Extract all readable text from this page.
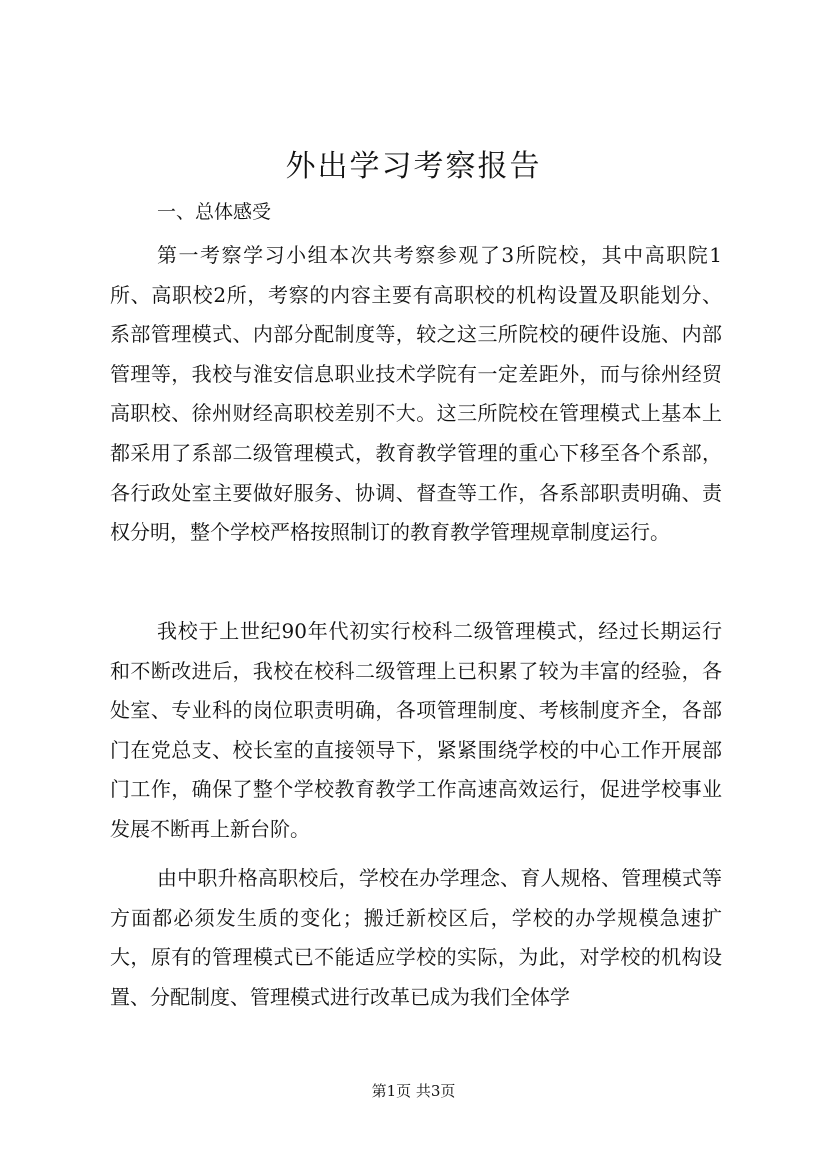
外出学习考察报告

一、总体感受

第一考察学习小组本次共考察参观了3所院校，其中高职院1所、高职校2所，考察的内容主要有高职校的机构设置及职能划分、系部管理模式、内部分配制度等，较之这三所院校的硬件设施、内部管理等，我校与淮安信息职业技术学院有一定差距外，而与徐州经贸高职校、徐州财经高职校差别不大。这三所院校在管理模式上基本上都采用了系部二级管理模式，教育教学管理的重心下移至各个系部，各行政处室主要做好服务、协调、督查等工作，各系部职责明确、责权分明，整个学校严格按照制订的教育教学管理规章制度运行。

我校于上世纪90年代初实行校科二级管理模式，经过长期运行和不断改进后，我校在校科二级管理上已积累了较为丰富的经验，各处室、专业科的岗位职责明确，各项管理制度、考核制度齐全，各部门在党总支、校长室的直接领导下，紧紧围绕学校的中心工作开展部门工作，确保了整个学校教育教学工作高速高效运行，促进学校事业发展不断再上新台阶。

由中职升格高职校后，学校在办学理念、育人规格、管理模式等方面都必须发生质的变化；搬迁新校区后，学校的办学规模急速扩大，原有的管理模式已不能适应学校的实际，为此，对学校的机构设置、分配制度、管理模式进行改革已成为我们全体学

第1页 共3页
